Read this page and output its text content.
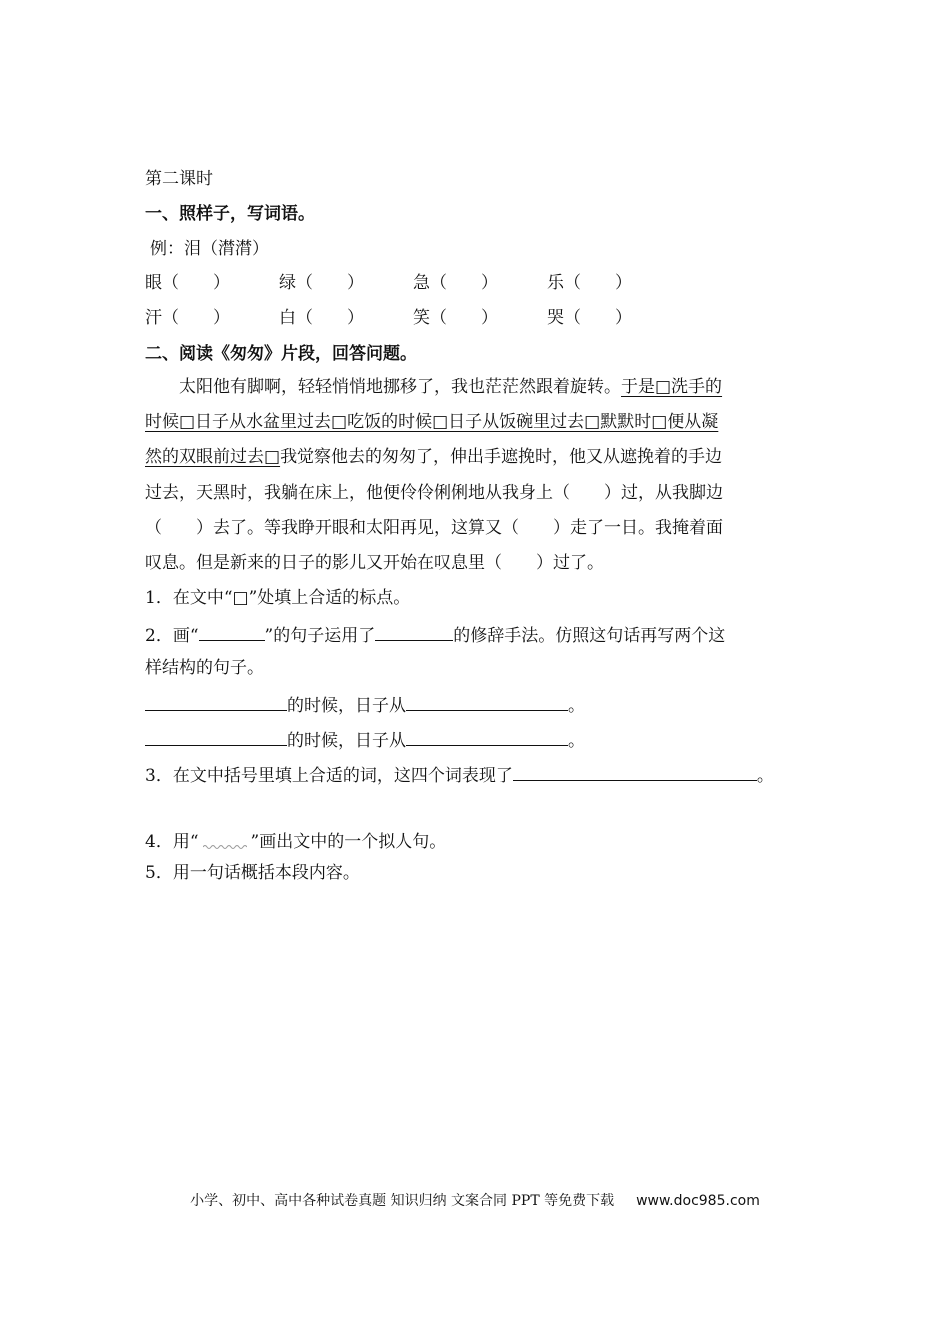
第二课时
一、照样子，写词语。
例：泪（潸潸）
眼（　　）	绿（　　）	急（　　）	乐（　　）
汗（　　）	白（　　）	笑（　　）	哭（　　）
二、阅读《匆匆》片段，回答问题。
太阳他有脚啊，轻轻悄悄地挪移了，我也茫茫然跟着旋转。于是□洗手的
时候□日子从水盆里过去□吃饭的时候□日子从饭碗里过去□默默时□便从凝
然的双眼前过去□我觉察他去的匆匆了，伸出手遮挽时，他又从遮挽着的手边
过去，天黑时，我躺在床上，他便伶伶俐俐地从我身上（　　）过，从我脚边
（　　）去了。等我睁开眼和太阳再见，这算又（　　）走了一日。我掩着面
叹息。但是新来的日子的影儿又开始在叹息里（　　）过了。
1．在文中“□”处填上合适的标点。
2．画“	”的句子运用了	的修辞手法。仿照这句话再写两个这
样结构的句子。
的时候，日子从	。
的时候，日子从	。
3．在文中括号里填上合适的词，这四个词表现了	。
4．用“	”画出文中的一个拟人句。
5．用一句话概括本段内容。
小学、初中、高中各种试卷真题 知识归纳 文案合同 PPT 等免费下载 www.doc985.com
